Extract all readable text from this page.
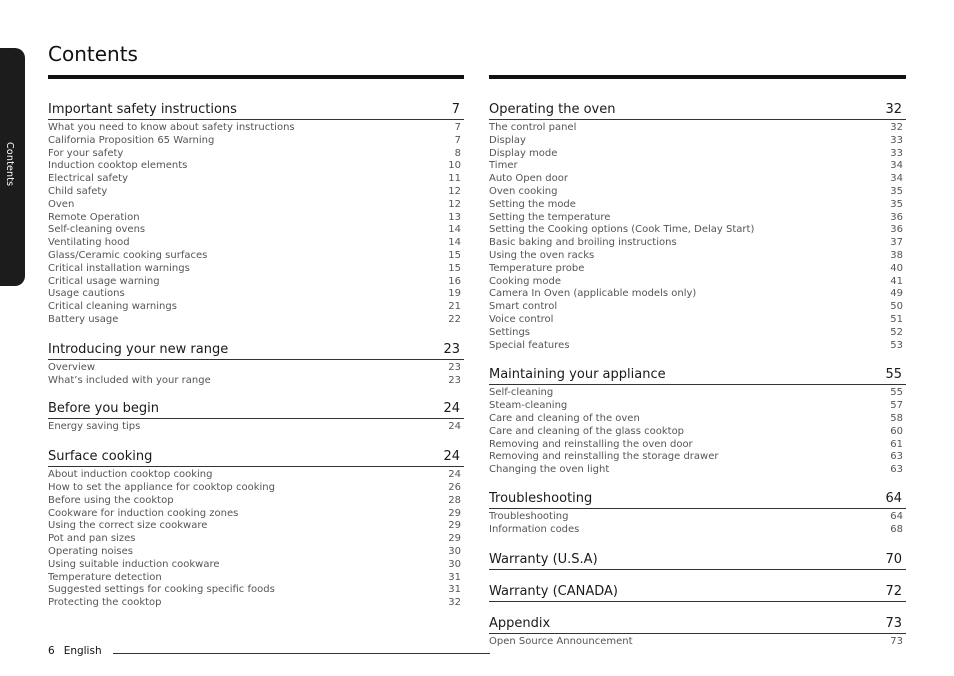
Contents
Contents
Important safety instructions	7
What you need to know about safety instructions	7
California Proposition 65 Warning	7
For your safety	8
Induction cooktop elements	10
Electrical safety	11
Child safety	12
Oven	12
Remote Operation	13
Self-cleaning ovens	14
Ventilating hood	14
Glass/Ceramic cooking surfaces	15
Critical installation warnings	15
Critical usage warning	16
Usage cautions	19
Critical cleaning warnings	21
Battery usage	22
Introducing your new range	23
Overview	23
What’s included with your range	23
Before you begin	24
Energy saving tips	24
Surface cooking	24
About induction cooktop cooking	24
How to set the appliance for cooktop cooking	26
Before using the cooktop	28
Cookware for induction cooking zones	29
Using the correct size cookware	29
Pot and pan sizes	29
Operating noises	30
Using suitable induction cookware	30
Temperature detection	31
Suggested settings for cooking specific foods	31
Protecting the cooktop	32
Operating the oven	32
The control panel	32
Display	33
Display mode	33
Timer	34
Auto Open door	34
Oven cooking	35
Setting the mode	35
Setting the temperature	36
Setting the Cooking options (Cook Time, Delay Start)	36
Basic baking and broiling instructions	37
Using the oven racks	38
Temperature probe	40
Cooking mode	41
Camera In Oven (applicable models only)	49
Smart control	50
Voice control	51
Settings	52
Special features	53
Maintaining your appliance	55
Self-cleaning	55
Steam-cleaning	57
Care and cleaning of the oven	58
Care and cleaning of the glass cooktop	60
Removing and reinstalling the oven door	61
Removing and reinstalling the storage drawer	63
Changing the oven light	63
Troubleshooting	64
Troubleshooting	64
Information codes	68
Warranty (U.S.A)	70
Warranty (CANADA)	72
Appendix	73
Open Source Announcement	73
6 English
